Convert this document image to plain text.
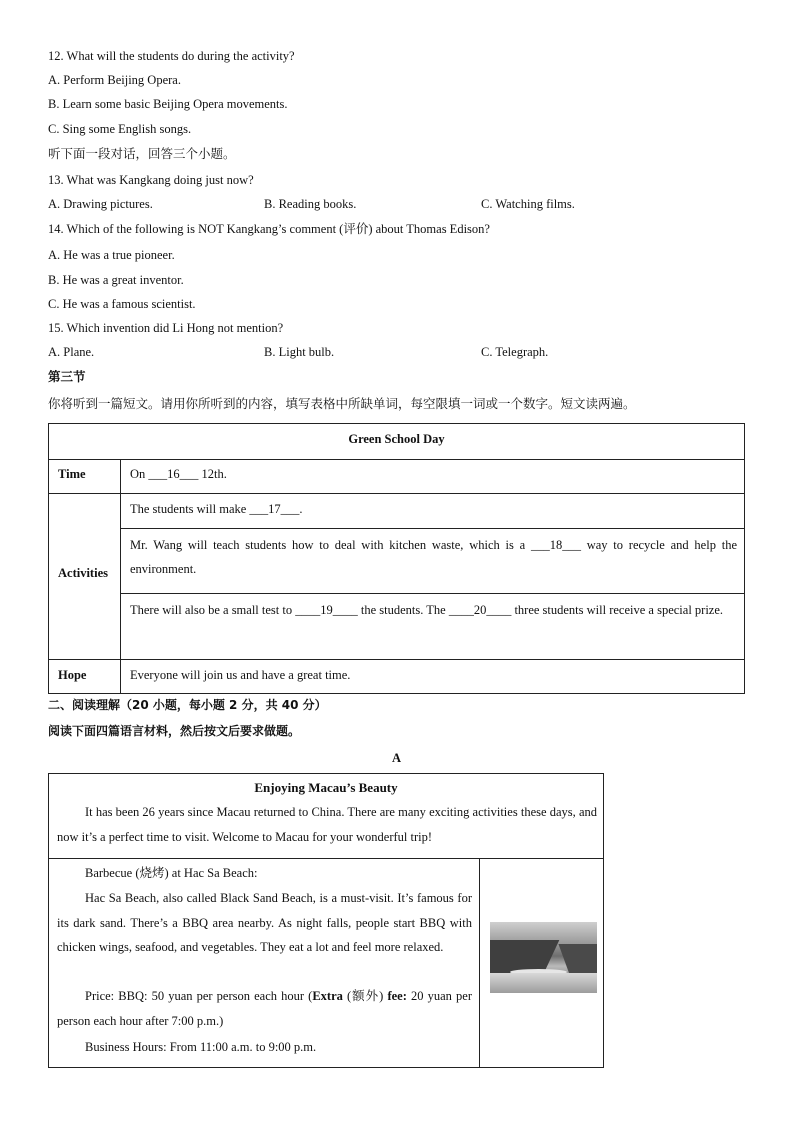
12. What will the students do during the activity?
A. Perform Beijing Opera.
B. Learn some basic Beijing Opera movements.
C. Sing some English songs.
听下面一段对话，回答三个小题。
13. What was Kangkang doing just now?
A. Drawing pictures.	B. Reading books.	C. Watching films.
14. Which of the following is NOT Kangkang’s comment (评价) about Thomas Edison?
A. He was a true pioneer.
B. He was a great inventor.
C. He was a famous scientist.
15. Which invention did Li Hong not mention?
A. Plane.	B. Light bulb.	C. Telegraph.
第三节
你将听到一篇短文。请用你所听到的内容，填写表格中所缺单词，每空限填一词或一个数字。短文读两遍。
Green School Day
Time	On ___16___ 12th.
Activities
The students will make ___17___.
Mr. Wang will teach students how to deal with kitchen waste, which is a ___18___ way to recycle and help the environment.
There will also be a small test to ____19____ the students. The ____20____ three students will receive a special prize.
Hope	Everyone will join us and have a great time.
二、阅读理解（20 小题，每小题 2 分，共 40 分）
阅读下面四篇语言材料，然后按文后要求做题。
A
Enjoying Macau’s Beauty
It has been 26 years since Macau returned to China. There are many exciting activities these days, and now it’s a perfect time to visit. Welcome to Macau for your wonderful trip!
Barbecue (烧烤) at Hac Sa Beach:
Hac Sa Beach, also called Black Sand Beach, is a must-visit. It’s famous for its dark sand. There’s a BBQ area nearby. As night falls, people start BBQ with chicken wings, seafood, and vegetables. They eat a lot and feel more relaxed.
Price: BBQ: 50 yuan per person each hour (Extra (额外) fee: 20 yuan per person each hour after 7:00 p.m.)
Business Hours: From 11:00 a.m. to 9:00 p.m.
